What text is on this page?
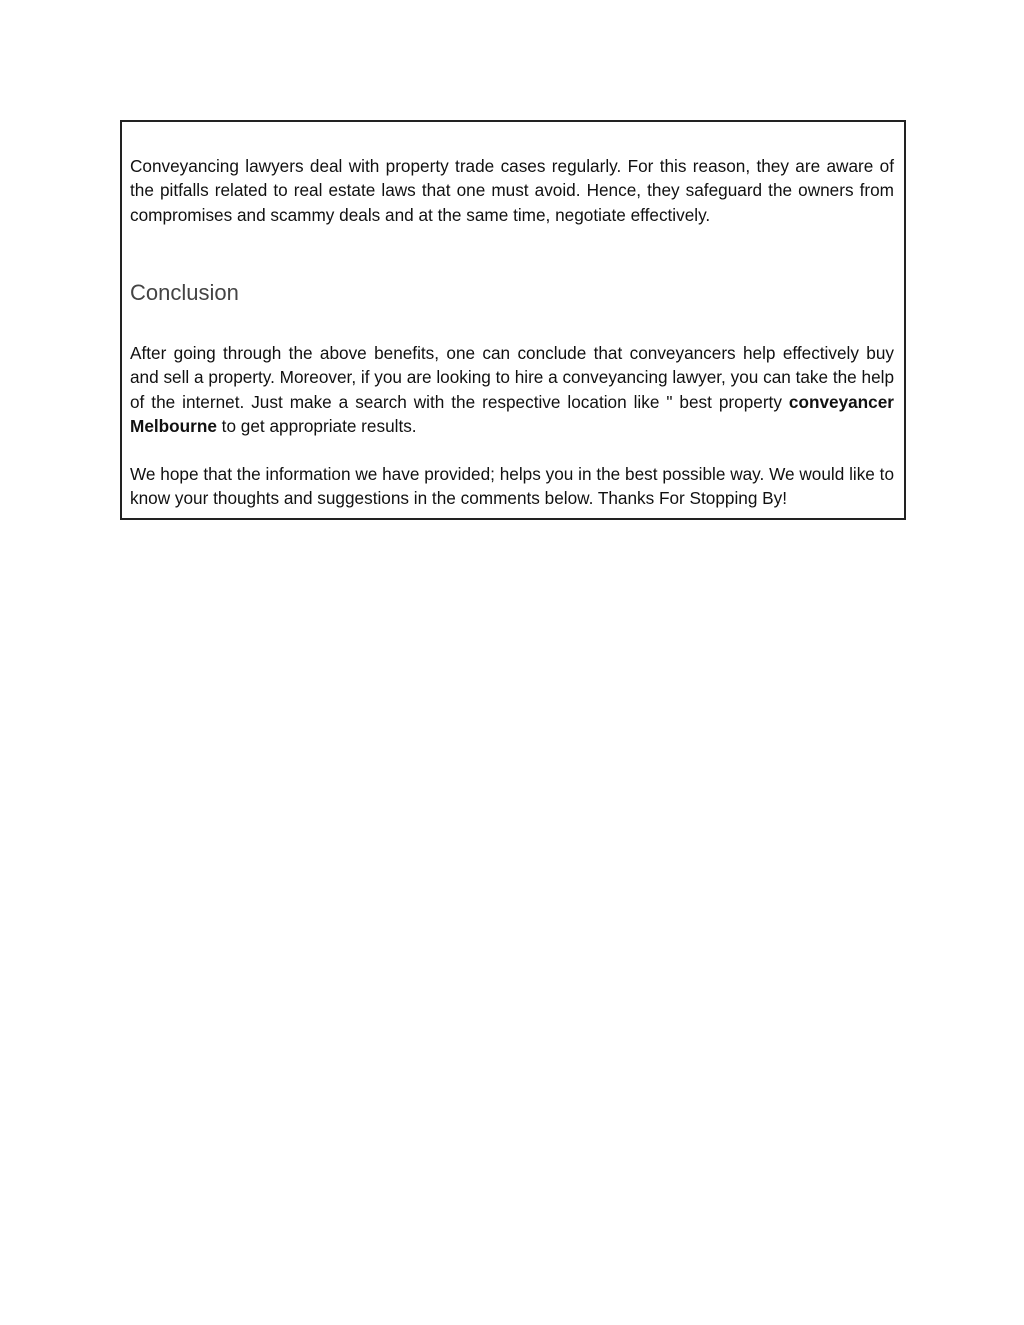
Conveyancing lawyers deal with property trade cases regularly. For this reason, they are aware of the pitfalls related to real estate laws that one must avoid. Hence, they safeguard the owners from compromises and scammy deals and at the same time, negotiate effectively.

Conclusion

After going through the above benefits, one can conclude that conveyancers help effectively buy and sell a property. Moreover, if you are looking to hire a conveyancing lawyer, you can take the help of the internet. Just make a search with the respective location like " best property conveyancer Melbourne to get appropriate results.

We hope that the information we have provided; helps you in the best possible way. We would like to know your thoughts and suggestions in the comments below. Thanks For Stopping By!
